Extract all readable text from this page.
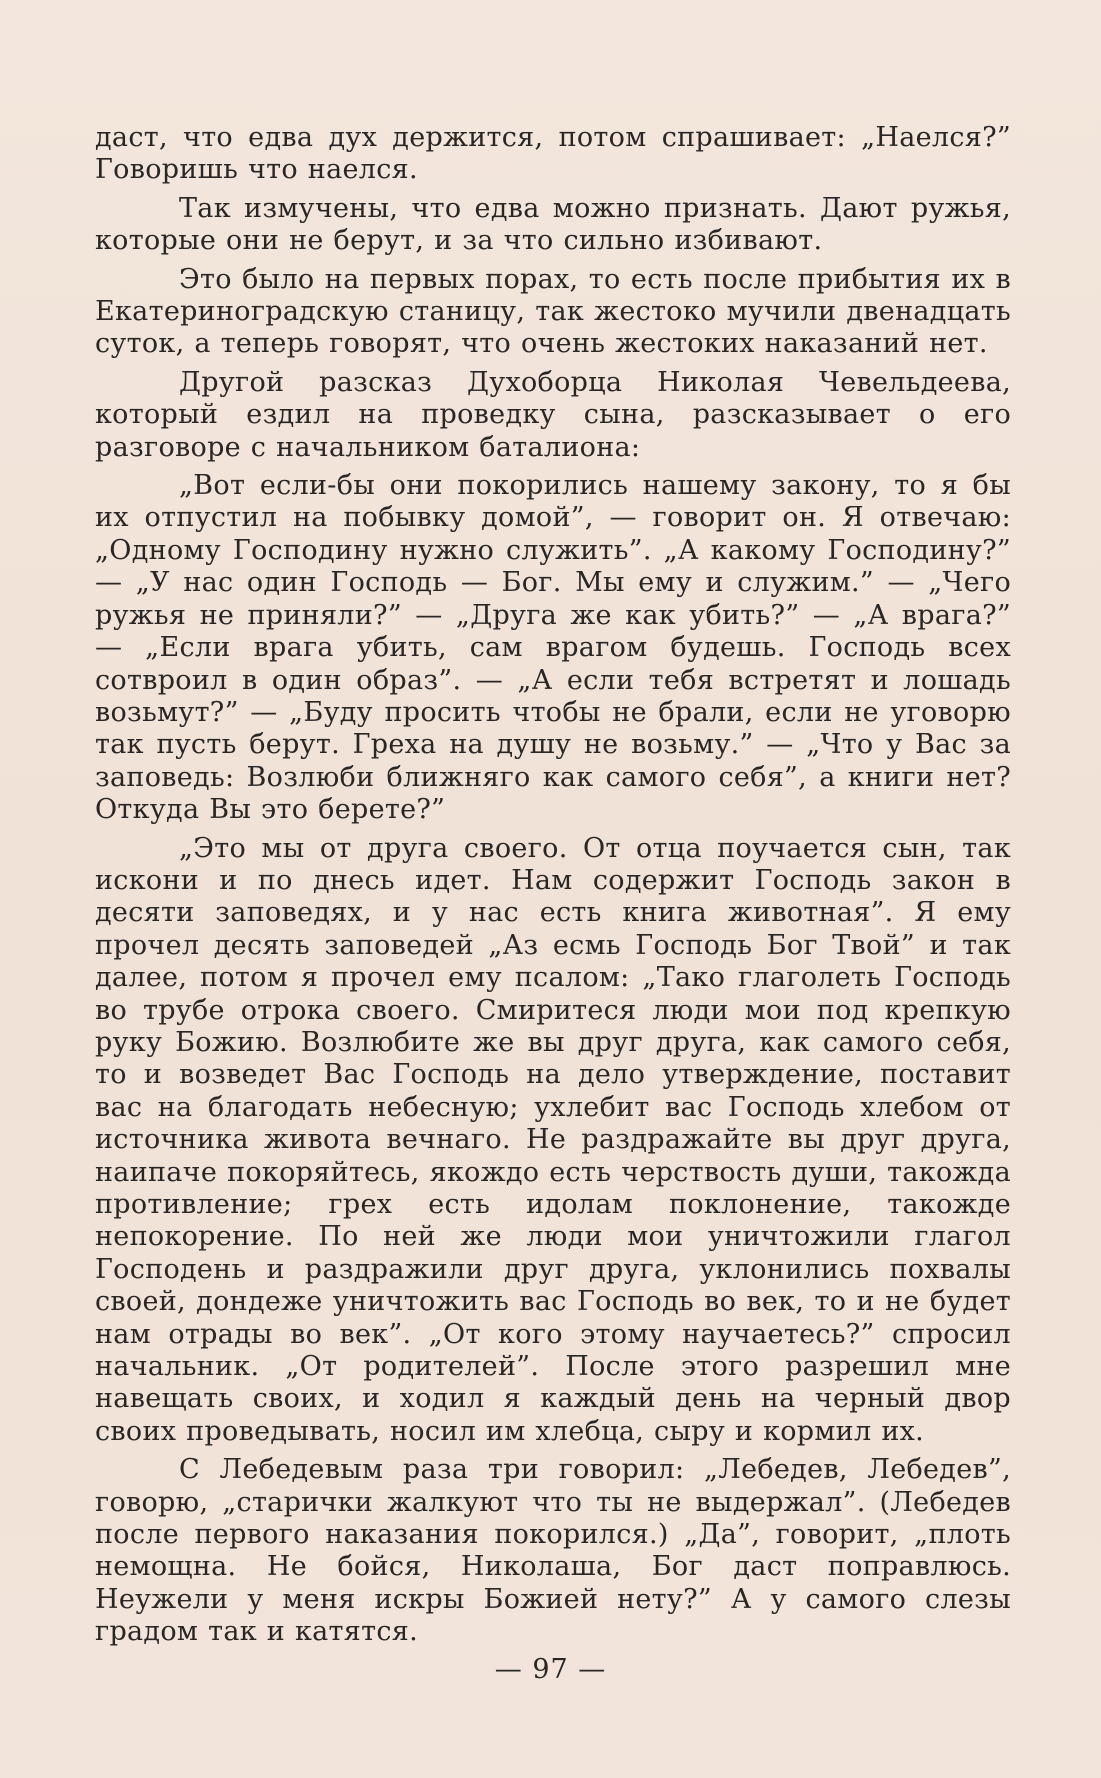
даст, что едва дух держится, потом спрашивает: „Наелся?” Говоришь что наелся.

Так измучены, что едва можно признать. Дают ружья, которые они не берут, и за что сильно избивают.

Это было на первых порах, то есть после прибытия их в Екатериноградскую станицу, так жестоко мучили двенадцать суток, а теперь говорят, что очень жестоких наказаний нет.

Другой разсказ Духоборца Николая Чевельдеева, который ездил на проведку сына, разсказывает о его разговоре с начальником баталиона:

„Вот если-бы они покорились нашему закону, то я бы их отпустил на побывку домой”, — говорит он. Я отвечаю: „Одному Господину нужно служить”. „А какому Господину?” — „У нас один Господь — Бог. Мы ему и служим.” — „Чего ружья не приняли?” — „Друга же как убить?” — „А врага?” — „Если врага убить, сам врагом будешь. Господь всех сотвроил в один образ”. — „А если тебя встретят и лошадь возьмут?” — „Буду просить чтобы не брали, если не уговорю так пусть берут. Греха на душу не возьму.” — „Что у Вас за заповедь: Возлюби ближняго как самого себя”, а книги нет? Откуда Вы это берете?”

„Это мы от друга своего. От отца поучается сын, так искони и по днесь идет. Нам содержит Господь закон в десяти заповедях, и у нас есть книга животная”. Я ему прочел десять заповедей „Аз есмь Господь Бог Твой” и так далее, потом я прочел ему псалом: „Тако глаголеть Господь во трубе отрока своего. Смиритеся люди мои под крепкую руку Божию. Возлюбите же вы друг друга, как самого себя, то и возведет Вас Господь на дело утверждение, поставит вас на благодать небесную; ухлебит вас Господь хлебом от источника живота вечнаго. Не раздражайте вы друг друга, наипаче покоряйтесь, якождо есть черствость души, такожда противление; грех есть идолам поклонение, такожде непокорение. По ней же люди мои уничтожили глагол Господень и раздражили друг друга, уклонились похвалы своей, дондеже уничтожить вас Господь во век, то и не будет нам отрады во век”. „От кого этому научаетесь?” спросил начальник. „От родителей”. После этого разрешил мне навещать своих, и ходил я каждый день на черный двор своих проведывать, носил им хлебца, сыру и кормил их.

С Лебедевым раза три говорил: „Лебедев, Лебедев”, говорю, „старички жалкуют что ты не выдержал”. (Лебедев после первого наказания покорился.) „Да”, говорит, „плоть немощна. Не бойся, Николаша, Бог даст поправлюсь. Неужели у меня искры Божией нету?” А у самого слезы градом так и катятся.

— 97 —
